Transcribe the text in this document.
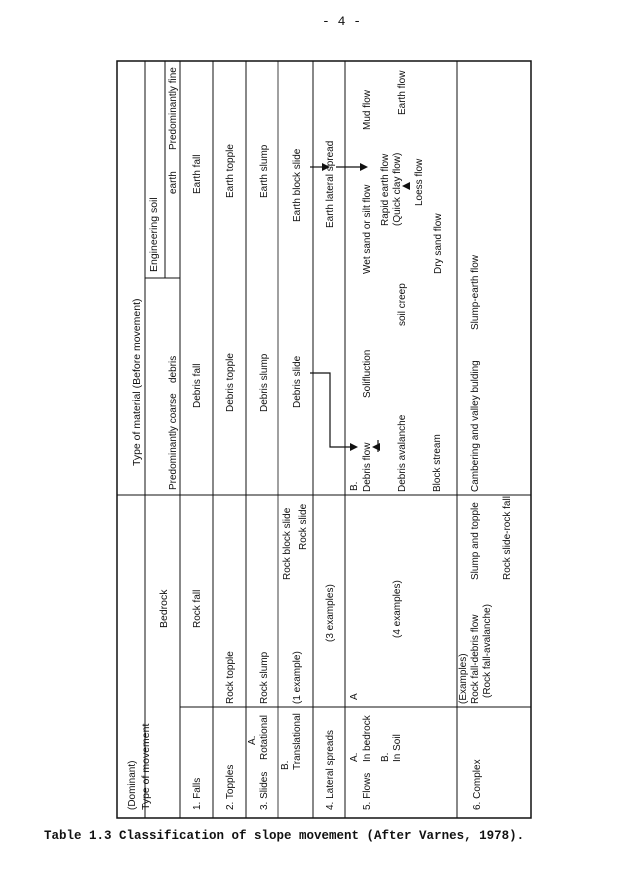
- 4 -
(Dominant) Type of movement
Type of material (Before movement)
Bedrock
Engineering soil
Predominantly coarse
debris
earth
Predominantly fine
1. Falls
Rock fall
Debris fall
Earth fall
2. Topples
Rock topple
Debris topple
Earth topple
A.
3. Slides
Rotational
Rock slump
Debris slump
Earth slump
B. Translational
(1 example)
Rock block slide Rock slide
Debris slide
Earth block slide
4. Lateral spreads
(3 examples)
Earth lateral spread
A.
5. Flows
In bedrock B. In Soil
A
B.
(4 examples)
Debris flow Debris avalanche Block stream
Solifluction
soil creep
Wet sand or silt flow	Dry sand flow
Rapid earth flow (Quick clay flow) Loess flow
Mud flow Earth flow
6. Complex
(Examples) Rock fall-debris flow (Rock fall-avalanche)
Slump and topple Rock slide-rock fall
Cambering and valley bulding
Slump-earth flow
Table 1.3 Classification of slope movement (After Varnes, 1978).
